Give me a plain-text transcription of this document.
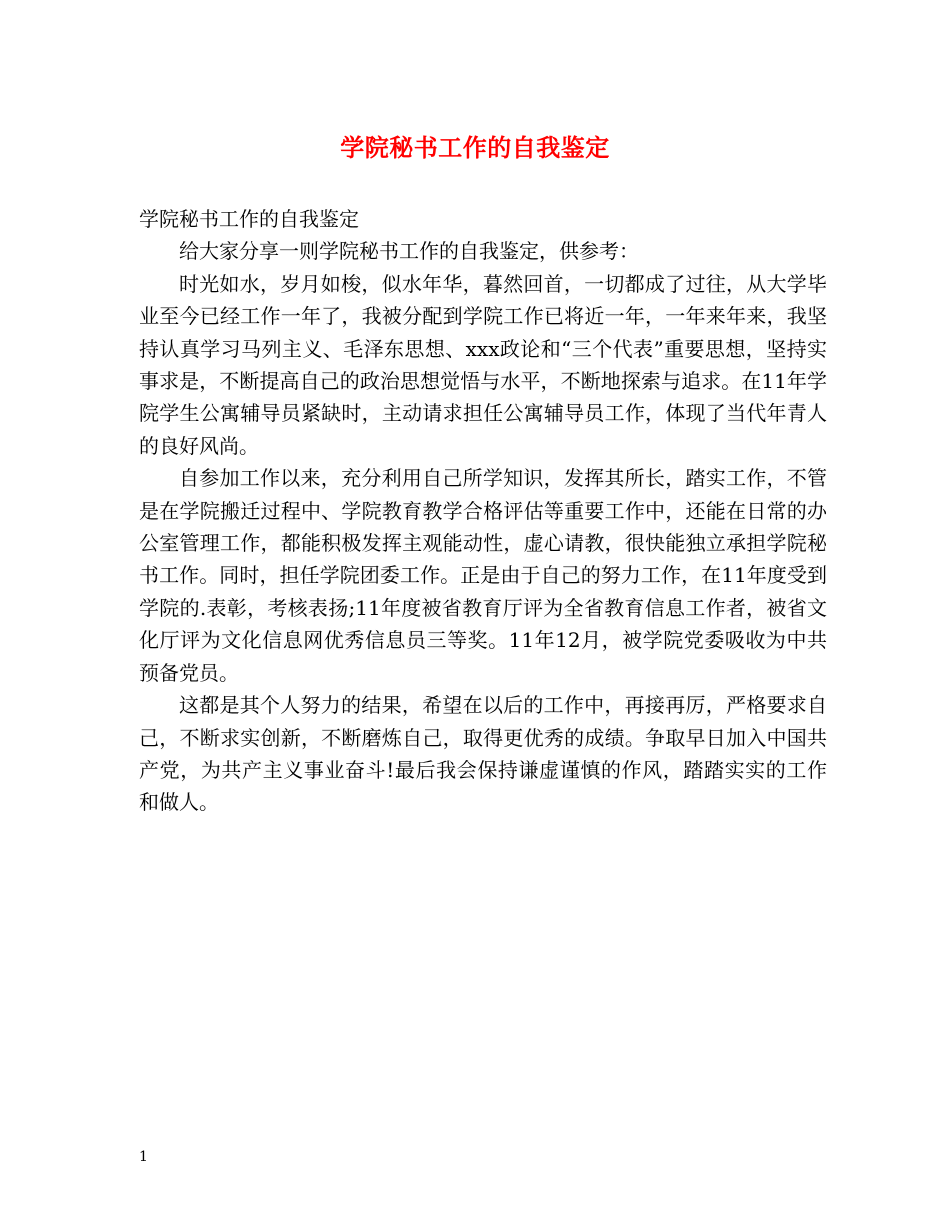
学院秘书工作的自我鉴定

学院秘书工作的自我鉴定

给大家分享一则学院秘书工作的自我鉴定，供参考：

时光如水，岁月如梭，似水年华，暮然回首，一切都成了过往，从大学毕业至今已经工作一年了，我被分配到学院工作已将近一年，一年来年来，我坚持认真学习马列主义、毛泽东思想、xxx政论和“三个代表”重要思想，坚持实事求是，不断提高自己的政治思想觉悟与水平，不断地探索与追求。在11年学院学生公寓辅导员紧缺时，主动请求担任公寓辅导员工作，体现了当代年青人的良好风尚。

自参加工作以来，充分利用自己所学知识，发挥其所长，踏实工作，不管是在学院搬迁过程中、学院教育教学合格评估等重要工作中，还能在日常的办公室管理工作，都能积极发挥主观能动性，虚心请教，很快能独立承担学院秘书工作。同时，担任学院团委工作。正是由于自己的努力工作，在11年度受到学院的.表彰，考核表扬;11年度被省教育厅评为全省教育信息工作者，被省文化厅评为文化信息网优秀信息员三等奖。11年12月，被学院党委吸收为中共预备党员。

这都是其个人努力的结果，希望在以后的工作中，再接再厉，严格要求自己，不断求实创新，不断磨炼自己，取得更优秀的成绩。争取早日加入中国共产党，为共产主义事业奋斗!最后我会保持谦虚谨慎的作风，踏踏实实的工作和做人。

1
